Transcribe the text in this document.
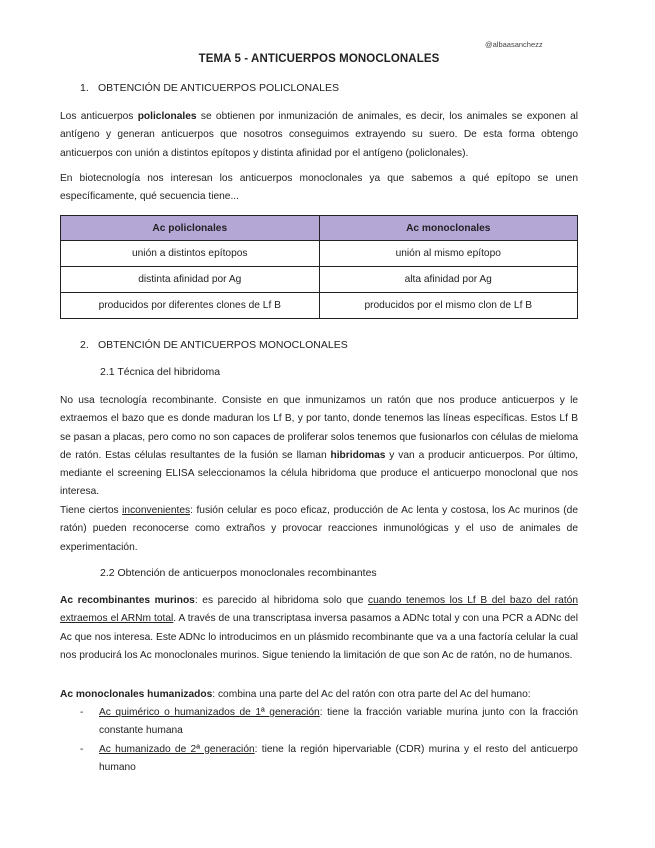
@albaasanchezz
TEMA 5 - ANTICUERPOS MONOCLONALES
1. OBTENCIÓN DE ANTICUERPOS POLICLONALES
Los anticuerpos policlonales se obtienen por inmunización de animales, es decir, los animales se exponen al antígeno y generan anticuerpos que nosotros conseguimos extrayendo su suero. De esta forma obtengo anticuerpos con unión a distintos epítopos y distinta afinidad por el antígeno (policlonales).
En biotecnología nos interesan los anticuerpos monoclonales ya que sabemos a qué epítopo se unen específicamente, qué secuencia tiene...
Ac policlonales	Ac monoclonales
unión a distintos epítopos	unión al mismo epítopo
distinta afinidad por Ag	alta afinidad por Ag
producidos por diferentes clones de Lf B	producidos por el mismo clon de Lf B
2. OBTENCIÓN DE ANTICUERPOS MONOCLONALES
2.1 Técnica del hibridoma
No usa tecnología recombinante. Consiste en que inmunizamos un ratón que nos produce anticuerpos y le extraemos el bazo que es donde maduran los Lf B, y por tanto, donde tenemos las líneas específicas. Estos Lf B se pasan a placas, pero como no son capaces de proliferar solos tenemos que fusionarlos con células de mieloma de ratón. Estas células resultantes de la fusión se llaman hibridomas y van a producir anticuerpos. Por último, mediante el screening ELISA seleccionamos la célula hibridoma que produce el anticuerpo monoclonal que nos interesa.
Tiene ciertos inconvenientes: fusión celular es poco eficaz, producción de Ac lenta y costosa, los Ac murinos (de ratón) pueden reconocerse como extraños y provocar reacciones inmunológicas y el uso de animales de experimentación.
2.2 Obtención de anticuerpos monoclonales recombinantes
Ac recombinantes murinos: es parecido al hibridoma solo que cuando tenemos los Lf B del bazo del ratón extraemos el ARNm total. A través de una transcriptasa inversa pasamos a ADNc total y con una PCR a ADNc del Ac que nos interesa. Este ADNc lo introducimos en un plásmido recombinante que va a una factoría celular la cual nos producirá los Ac monoclonales murinos. Sigue teniendo la limitación de que son Ac de ratón, no de humanos.
Ac monoclonales humanizados: combina una parte del Ac del ratón con otra parte del Ac del humano:
- Ac quimérico o humanizados de 1ª generación: tiene la fracción variable murina junto con la fracción constante humana
- Ac humanizado de 2ª generación: tiene la región hipervariable (CDR) murina y el resto del anticuerpo humano
